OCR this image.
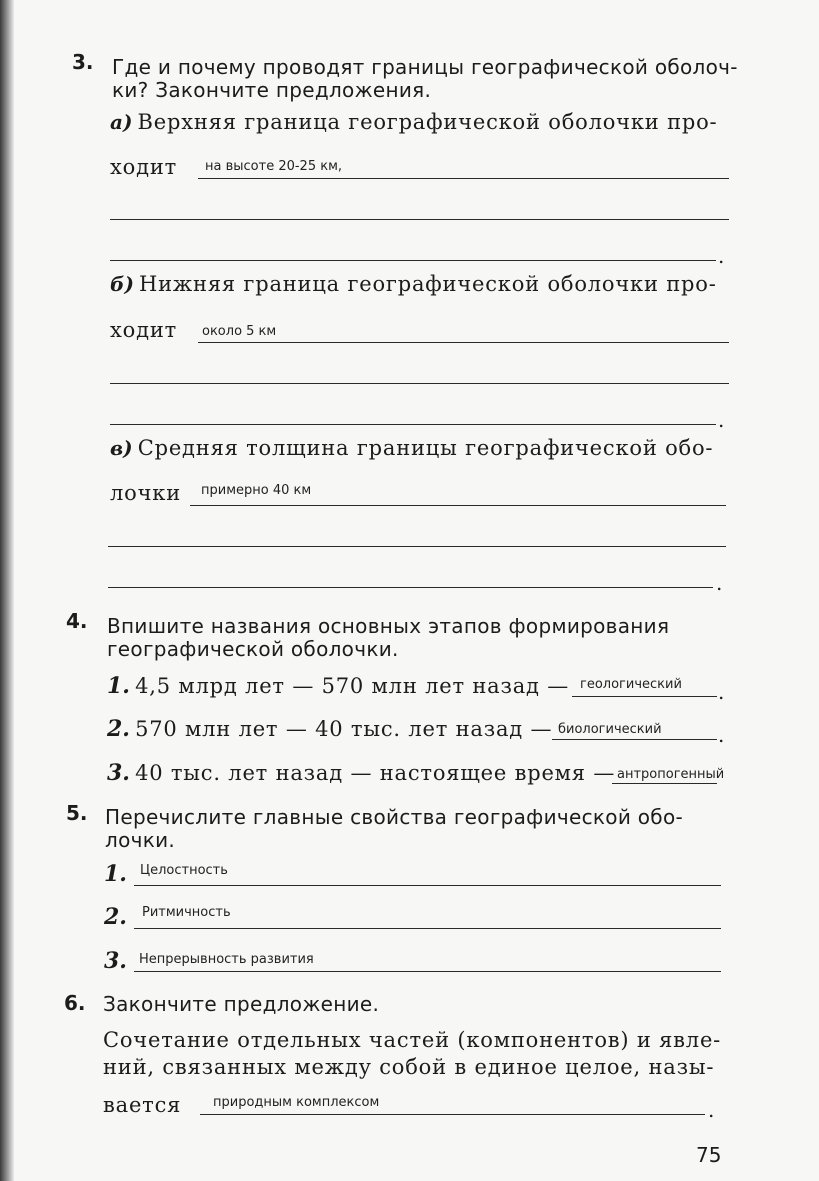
3. Где и почему проводят границы географической оболоч-
ки? Закончите предложения.
а) Верхняя граница географической оболочки про-
ходит на высоте 20-25 км,
.
б) Нижняя граница географической оболочки про-
ходит около 5 км
.
в) Средняя толщина границы географической обо-
лочки примерно 40 км
.
4. Впишите названия основных этапов формирования
географической оболочки.
1. 4,5 млрд лет — 570 млн лет назад — геологический .
2. 570 млн лет — 40 тыс. лет назад — биологический	.
3. 40 тыс. лет назад — настоящее время — антропогенный
5. Перечислите главные свойства географической обо-
лочки.
1. Целостность
2. Ритмичность
3. Непрерывность развития
6. Закончите предложение.
Сочетание отдельных частей (компонентов) и явле-
ний, связанных между собой в единое целое, назы-
вается природным комплексом	.
75
